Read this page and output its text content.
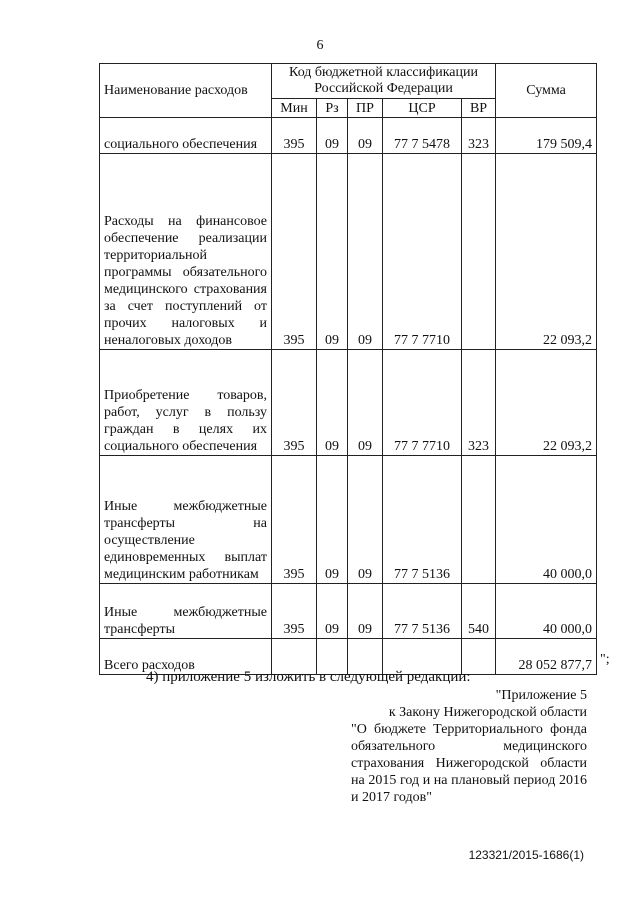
6
Наименование расходов	Код бюджетной классификации Российской Федерации					Сумма
	Мин	Рз	ПР	ЦСР	ВР	
социального обеспечения	395	09	09	77 7 5478	323	179 509,4
Расходы на финансовое обеспечение реализации территориальной программы обязательного медицинского страхования за счет поступлений от прочих налоговых и неналоговых доходов	395	09	09	77 7 7710		22 093,2
Приобретение товаров, работ, услуг в пользу граждан в целях их социального обеспечения	395	09	09	77 7 7710	323	22 093,2
Иные межбюджетные трансферты на осуществление единовременных выплат медицинским работникам	395	09	09	77 7 5136		40 000,0
Иные межбюджетные трансферты	395	09	09	77 7 5136	540	40 000,0
Всего расходов						28 052 877,7 ";
4) приложение 5 изложить в следующей редакции:
"Приложение 5
к Закону Нижегородской области
"О бюджете Территориального фонда обязательного медицинского страхования Нижегородской области на 2015 год и на плановый период 2016 и 2017 годов"
123321/2015-1686(1)
